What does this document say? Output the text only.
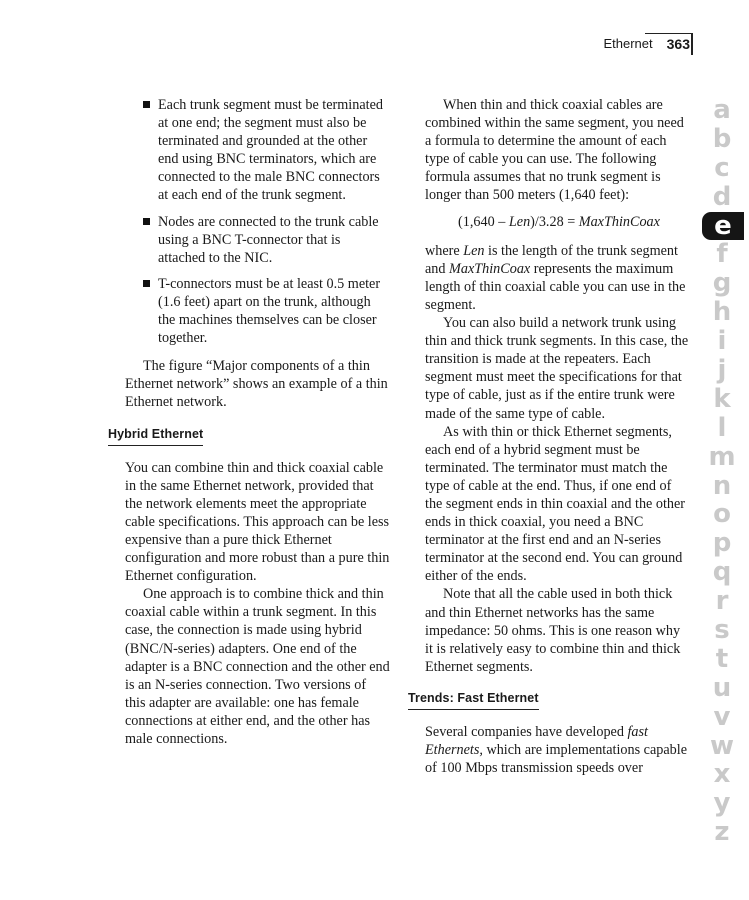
Ethernet 363
Each trunk segment must be terminated at one end; the segment must also be terminated and grounded at the other end using BNC terminators, which are connected to the male BNC connectors at each end of the trunk segment.
Nodes are connected to the trunk cable using a BNC T-connector that is attached to the NIC.
T-connectors must be at least 0.5 meter (1.6 feet) apart on the trunk, although the machines themselves can be closer together.

The figure “Major components of a thin Ethernet network” shows an example of a thin Ethernet network.

Hybrid Ethernet

You can combine thin and thick coaxial cable in the same Ethernet network, provided that the network elements meet the appropriate cable specifications. This approach can be less expensive than a pure thick Ethernet configuration and more robust than a pure thin Ethernet configuration.

One approach is to combine thick and thin coaxial cable within a trunk segment. In this case, the connection is made using hybrid (BNC/N-series) adapters. One end of the adapter is a BNC connection and the other end is an N-series connection. Two versions of this adapter are available: one has female connections at either end, and the other has male connections.

When thin and thick coaxial cables are combined within the same segment, you need a formula to determine the amount of each type of cable you can use. The following formula assumes that no trunk segment is longer than 500 meters (1,640 feet):

(1,640 – Len)/3.28 = MaxThinCoax

where Len is the length of the trunk segment and MaxThinCoax represents the maximum length of thin coaxial cable you can use in the segment.

You can also build a network trunk using thin and thick trunk segments. In this case, the transition is made at the repeaters. Each segment must meet the specifications for that type of cable, just as if the entire trunk were made of the same type of cable.

As with thin or thick Ethernet segments, each end of a hybrid segment must be terminated. The terminator must match the type of cable at the end. Thus, if one end of the segment ends in thin coaxial and the other ends in thick coaxial, you need a BNC terminator at the first end and an N-series terminator at the second end. You can ground either of the ends.

Note that all the cable used in both thick and thin Ethernet networks has the same impedance: 50 ohms. This is one reason why it is relatively easy to combine thin and thick Ethernet segments.

Trends: Fast Ethernet

Several companies have developed fast Ethernets, which are implementations capable of 100 Mbps transmission speeds over

a
b
c
d
e
f
g
h
i
j
k
l
m
n
o
p
q
r
s
t
u
v
w
x
y
z
